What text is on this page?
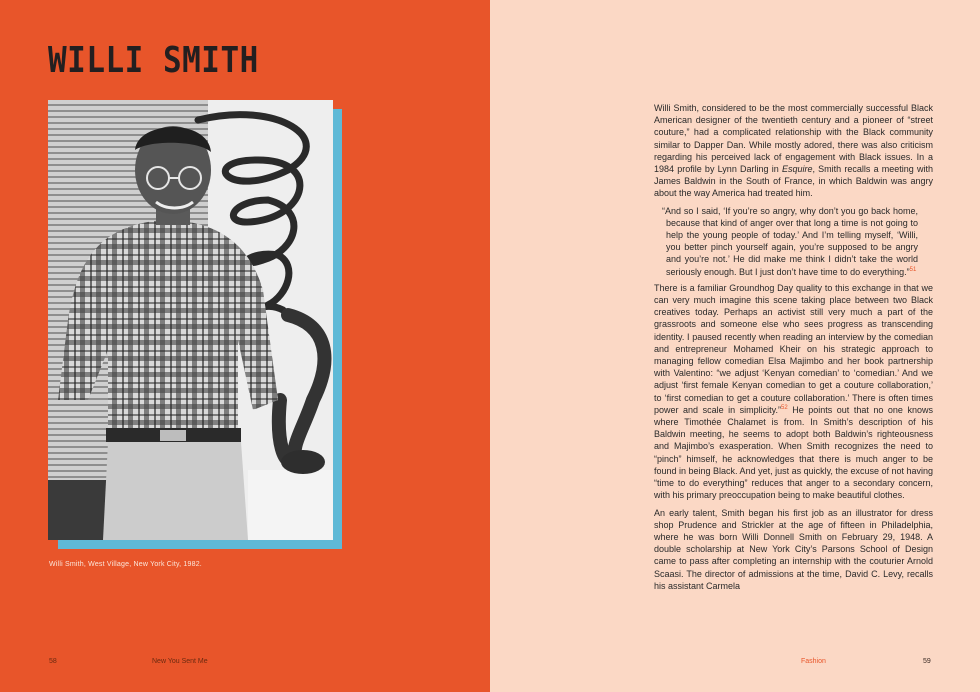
WILLI SMITH
Willi Smith, West Village, New York City, 1982.
58	New You Sent Me

Willi Smith, considered to be the most commercially successful Black American designer of the twentieth century and a pioneer of “street couture,” had a complicated relationship with the Black community similar to Dapper Dan. While mostly adored, there was also criticism regarding his perceived lack of engagement with Black issues. In a 1984 profile by Lynn Darling in Esquire, Smith recalls a meeting with James Baldwin in the South of France, in which Baldwin was angry about the way America had treated him.

“And so I said, ‘If you’re so angry, why don’t you go back home, because that kind of anger over that long a time is not going to help the young people of today.’ And I’m telling myself, ‘Willi, you better pinch yourself again, you’re supposed to be angry and you’re not.’ He did make me think I didn’t take the world seriously enough. But I just don’t have time to do everything.”$^{51}$

There is a familiar Groundhog Day quality to this exchange in that we can very much imagine this scene taking place between two Black creatives today. Perhaps an activist still very much a part of the grassroots and someone else who sees progress as transcending identity. I paused recently when reading an interview by the comedian and entrepreneur Mohamed Kheir on his strategic approach to managing fellow comedian Elsa Majimbo and her book partnership with Valentino: “we adjust ‘Kenyan comedian’ to ‘comedian.’ And we adjust ‘first female Kenyan comedian to get a couture collaboration,’ to ‘first comedian to get a couture collaboration.’ There is often times power and scale in simplicity.”$^{52}$ He points out that no one knows where Timothée Chalamet is from. In Smith’s description of his Baldwin meeting, he seems to adopt both Baldwin’s righteousness and Majimbo’s exasperation. When Smith recognizes the need to “pinch” himself, he acknowledges that there is much anger to be found in being Black. And yet, just as quickly, the excuse of not having “time to do everything” reduces that anger to a secondary concern, with his primary preoccupation being to make beautiful clothes.

An early talent, Smith began his first job as an illustrator for dress shop Prudence and Strickler at the age of fifteen in Philadelphia, where he was born Willi Donnell Smith on February 29, 1948. A double scholarship at New York City’s Parsons School of Design came to pass after completing an internship with the couturier Arnold Scaasi. The director of admissions at the time, David C. Levy, recalls his assistant Carmela

Fashion	59
